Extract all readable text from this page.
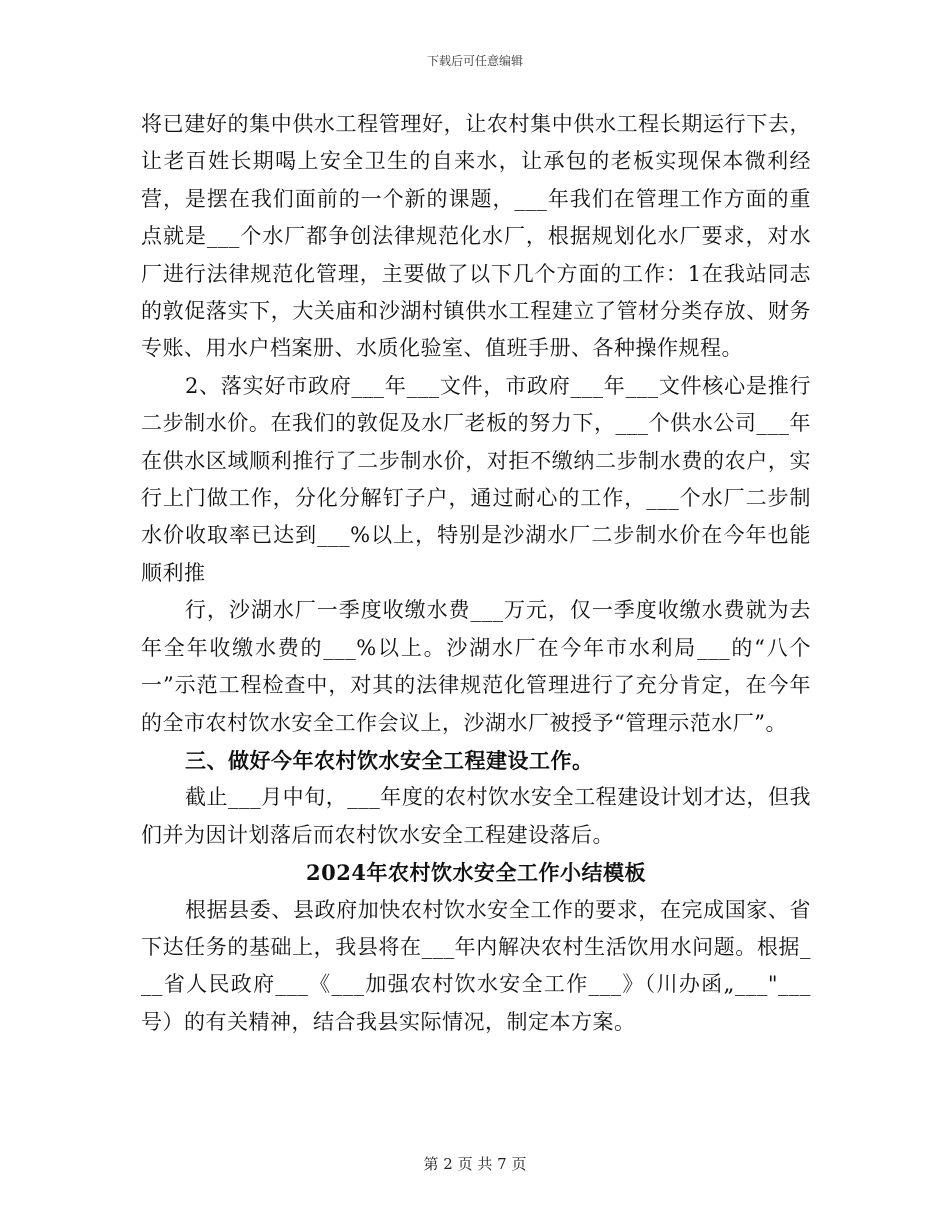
下载后可任意编辑

将已建好的集中供水工程管理好，让农村集中供水工程长期运行下去，让老百姓长期喝上安全卫生的自来水，让承包的老板实现保本微利经营，是摆在我们面前的一个新的课题，___年我们在管理工作方面的重点就是___个水厂都争创法律规范化水厂，根据规划化水厂要求，对水厂进行法律规范化管理，主要做了以下几个方面的工作：1在我站同志的敦促落实下，大关庙和沙湖村镇供水工程建立了管材分类存放、财务专账、用水户档案册、水质化验室、值班手册、各种操作规程。

2、落实好市政府___年___文件，市政府___年___文件核心是推行二步制水价。在我们的敦促及水厂老板的努力下，___个供水公司___年在供水区域顺利推行了二步制水价，对拒不缴纳二步制水费的农户，实行上门做工作，分化分解钉子户，通过耐心的工作，___个水厂二步制水价收取率已达到___%以上，特别是沙湖水厂二步制水价在今年也能顺利推

行，沙湖水厂一季度收缴水费___万元，仅一季度收缴水费就为去年全年收缴水费的___%以上。沙湖水厂在今年市水利局___的“八个一”示范工程检查中，对其的法律规范化管理进行了充分肯定，在今年的全市农村饮水安全工作会议上，沙湖水厂被授予“管理示范水厂”。

三、做好今年农村饮水安全工程建设工作。

截止___月中旬，___年度的农村饮水安全工程建设计划才达，但我们并为因计划落后而农村饮水安全工程建设落后。

2024年农村饮水安全工作小结模板

根据县委、县政府加快农村饮水安全工作的要求，在完成国家、省下达任务的基础上，我县将在___年内解决农村生活饮用水问题。根据___省人民政府___《___加强农村饮水安全工作___》（川办函„___"___号）的有关精神，结合我县实际情况，制定本方案。

第 2 页 共 7 页
